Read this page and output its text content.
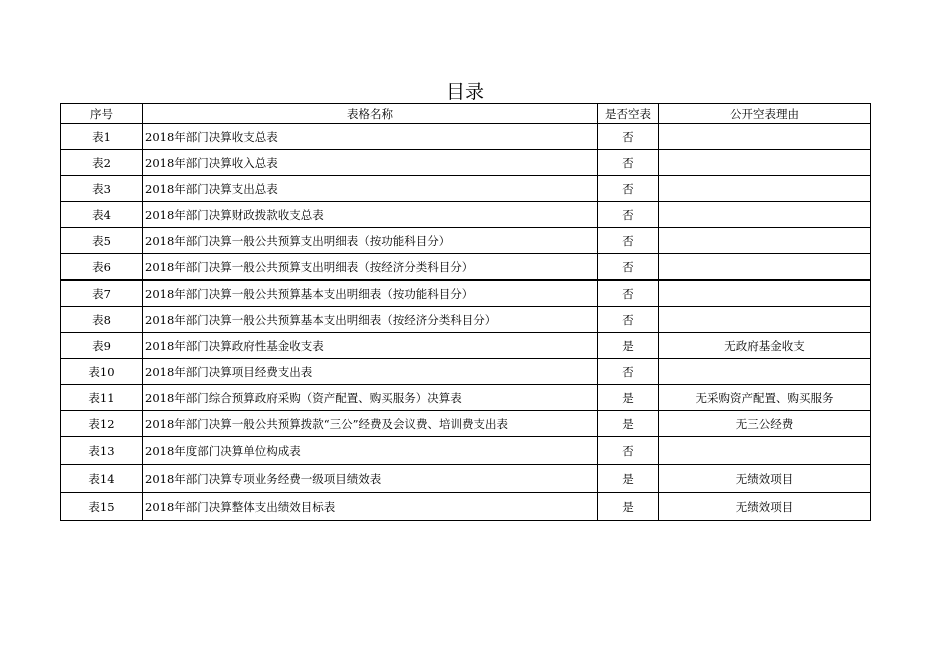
目录
序号	表格名称	是否空表	公开空表理由
表1	2018年部门决算收支总表	否	
表2	2018年部门决算收入总表	否	
表3	2018年部门决算支出总表	否	
表4	2018年部门决算财政拨款收支总表	否	
表5	2018年部门决算一般公共预算支出明细表（按功能科目分）	否	
表6	2018年部门决算一般公共预算支出明细表（按经济分类科目分）	否	
表7	2018年部门决算一般公共预算基本支出明细表（按功能科目分）	否	
表8	2018年部门决算一般公共预算基本支出明细表（按经济分类科目分）	否	
表9	2018年部门决算政府性基金收支表	是	无政府基金收支
表10	2018年部门决算项目经费支出表	否	
表11	2018年部门综合预算政府采购（资产配置、购买服务）决算表	是	无采购资产配置、购买服务
表12	2018年部门决算一般公共预算拨款“三公”经费及会议费、培训费支出表	是	无三公经费
表13	2018年度部门决算单位构成表	否	
表14	2018年部门决算专项业务经费一级项目绩效表	是	无绩效项目
表15	2018年部门决算整体支出绩效目标表	是	无绩效项目
